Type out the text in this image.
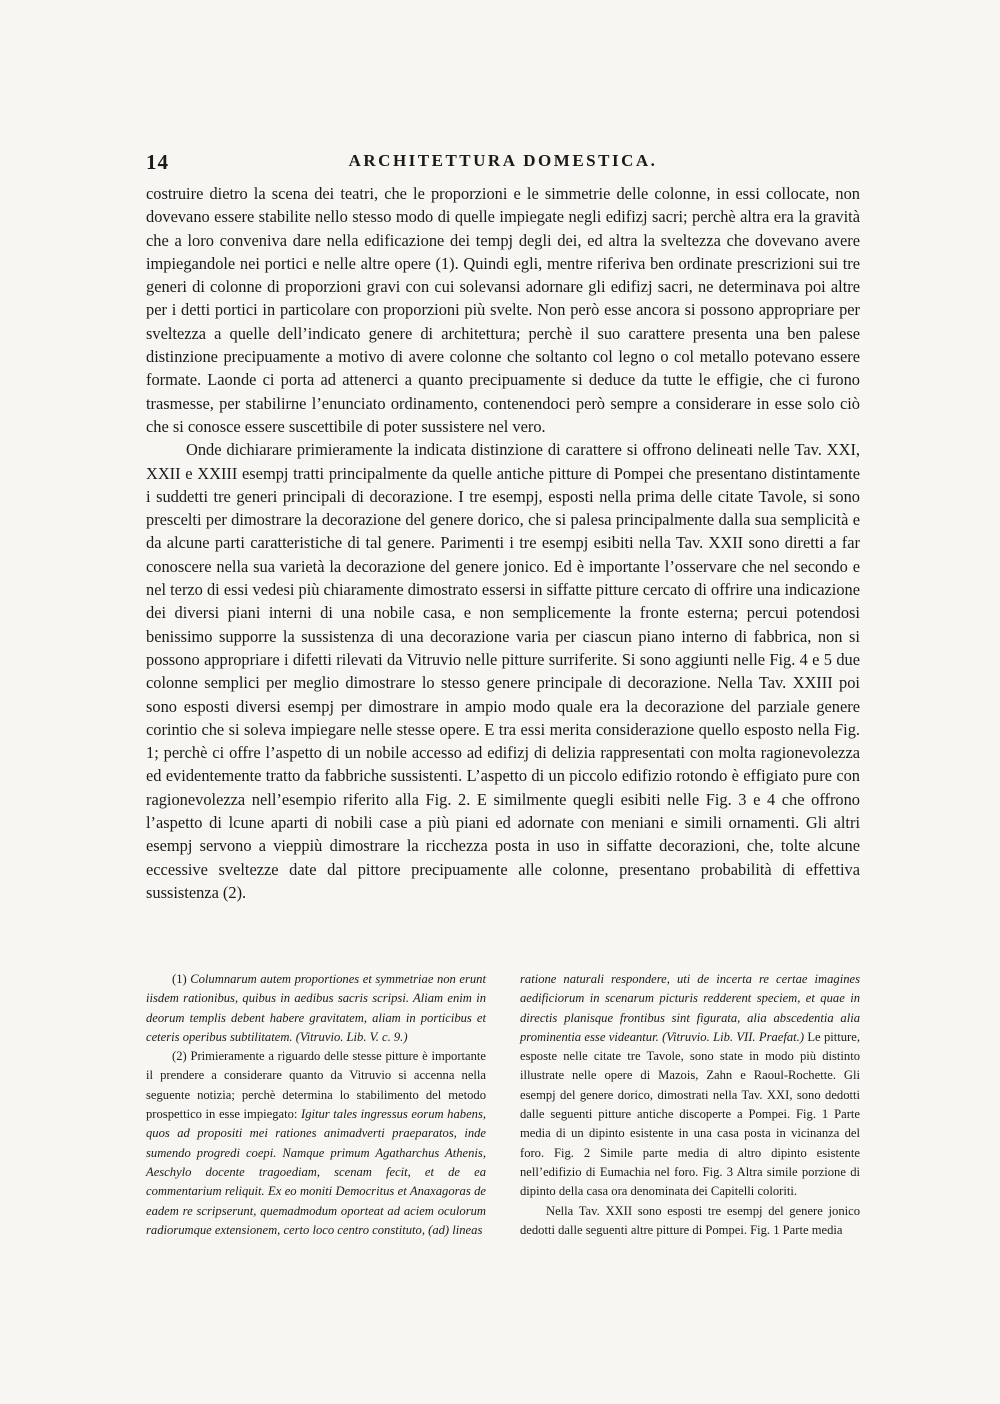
14	ARCHITETTURA DOMESTICA.

costruire dietro la scena dei teatri, che le proporzioni e le simmetrie delle colonne, in essi collocate, non dovevano essere stabilite nello stesso modo di quelle impiegate negli edifizj sacri; perchè altra era la gravità che a loro conveniva dare nella edificazione dei tempj degli dei, ed altra la sveltezza che dovevano avere impiegandole nei portici e nelle altre opere (1). Quindi egli, mentre riferiva ben ordinate prescrizioni sui tre generi di colonne di proporzioni gravi con cui solevansi adornare gli edifizj sacri, ne determinava poi altre per i detti portici in particolare con proporzioni più svelte. Non però esse ancora si possono appropriare per sveltezza a quelle dell’indicato genere di architettura; perchè il suo carattere presenta una ben palese distinzione precipuamente a motivo di avere colonne che soltanto col legno o col metallo potevano essere formate. Laonde ci porta ad attenerci a quanto precipuamente si deduce da tutte le effigie, che ci furono trasmesse, per stabilirne l’enunciato ordinamento, contenendoci però sempre a considerare in esse solo ciò che si conosce essere suscettibile di poter sussistere nel vero.

Onde dichiarare primieramente la indicata distinzione di carattere si offrono delineati nelle Tav. XXI, XXII e XXIII esempj tratti principalmente da quelle antiche pitture di Pompei che presentano distintamente i suddetti tre generi principali di decorazione. I tre esempj, esposti nella prima delle citate Tavole, si sono prescelti per dimostrare la decorazione del genere dorico, che si palesa principalmente dalla sua semplicità e da alcune parti caratteristiche di tal genere. Parimenti i tre esempj esibiti nella Tav. XXII sono diretti a far conoscere nella sua varietà la decorazione del genere jonico. Ed è importante l’osservare che nel secondo e nel terzo di essi vedesi più chiaramente dimostrato essersi in siffatte pitture cercato di offrire una indicazione dei diversi piani interni di una nobile casa, e non semplicemente la fronte esterna; percui potendosi benissimo supporre la sussistenza di una decorazione varia per ciascun piano interno di fabbrica, non si possono appropriare i difetti rilevati da Vitruvio nelle pitture surriferite. Si sono aggiunti nelle Fig. 4 e 5 due colonne semplici per meglio dimostrare lo stesso genere principale di decorazione. Nella Tav. XXIII poi sono esposti diversi esempj per dimostrare in ampio modo quale era la decorazione del parziale genere corintio che si soleva impiegare nelle stesse opere. E tra essi merita considerazione quello esposto nella Fig. 1; perchè ci offre l’aspetto di un nobile accesso ad edifizj di delizia rappresentati con molta ragionevolezza ed evidentemente tratto da fabbriche sussistenti. L’aspetto di un piccolo edifizio rotondo è effigiato pure con ragionevolezza nell’esempio riferito alla Fig. 2. E similmente quegli esibiti nelle Fig. 3 e 4 che offrono l’aspetto di lcune aparti di nobili case a più piani ed adornate con meniani e simili ornamenti. Gli altri esempj servono a vieppiù dimostrare la ricchezza posta in uso in siffatte decorazioni, che, tolte alcune eccessive sveltezze date dal pittore precipuamente alle colonne, presentano probabilità di effettiva sussistenza (2).

(1) Columnarum autem proportiones et symmetriae non erunt iisdem rationibus, quibus in aedibus sacris scripsi. Aliam enim in deorum templis debent habere gravitatem, aliam in porticibus et ceteris operibus subtilitatem. (Vitruvio. Lib. V. c. 9.)

(2) Primieramente a riguardo delle stesse pitture è importante il prendere a considerare quanto da Vitruvio si accenna nella seguente notizia; perchè determina lo stabilimento del metodo prospettico in esse impiegato: Igitur tales ingressus eorum habens, quos ad propositi mei rationes animadverti praeparatos, inde sumendo progredi coepi. Namque primum Agatharchus Athenis, Aeschylo docente tragoediam, scenam fecit, et de ea commentarium reliquit. Ex eo moniti Democritus et Anaxagoras de eadem re scripserunt, quemadmodum oporteat ad aciem oculorum radiorumque extensionem, certo loco centro constituto, (ad) lineas

ratione naturali respondere, uti de incerta re certae imagines aedificiorum in scenarum picturis redderent speciem, et quae in directis planisque frontibus sint figurata, alia abscedentia alia prominentia esse videantur. (Vitruvio. Lib. VII. Praefat.) Le pitture, esposte nelle citate tre Tavole, sono state in modo più distinto illustrate nelle opere di Mazois, Zahn e Raoul-Rochette. Gli esempj del genere dorico, dimostrati nella Tav. XXI, sono dedotti dalle seguenti pitture antiche discoperte a Pompei. Fig. 1 Parte media di un dipinto esistente in una casa posta in vicinanza del foro. Fig. 2 Simile parte media di altro dipinto esistente nell’edifizio di Eumachia nel foro. Fig. 3 Altra simile porzione di dipinto della casa ora denominata dei Capitelli coloriti.

Nella Tav. XXII sono esposti tre esempj del genere jonico dedotti dalle seguenti altre pitture di Pompei. Fig. 1 Parte media
